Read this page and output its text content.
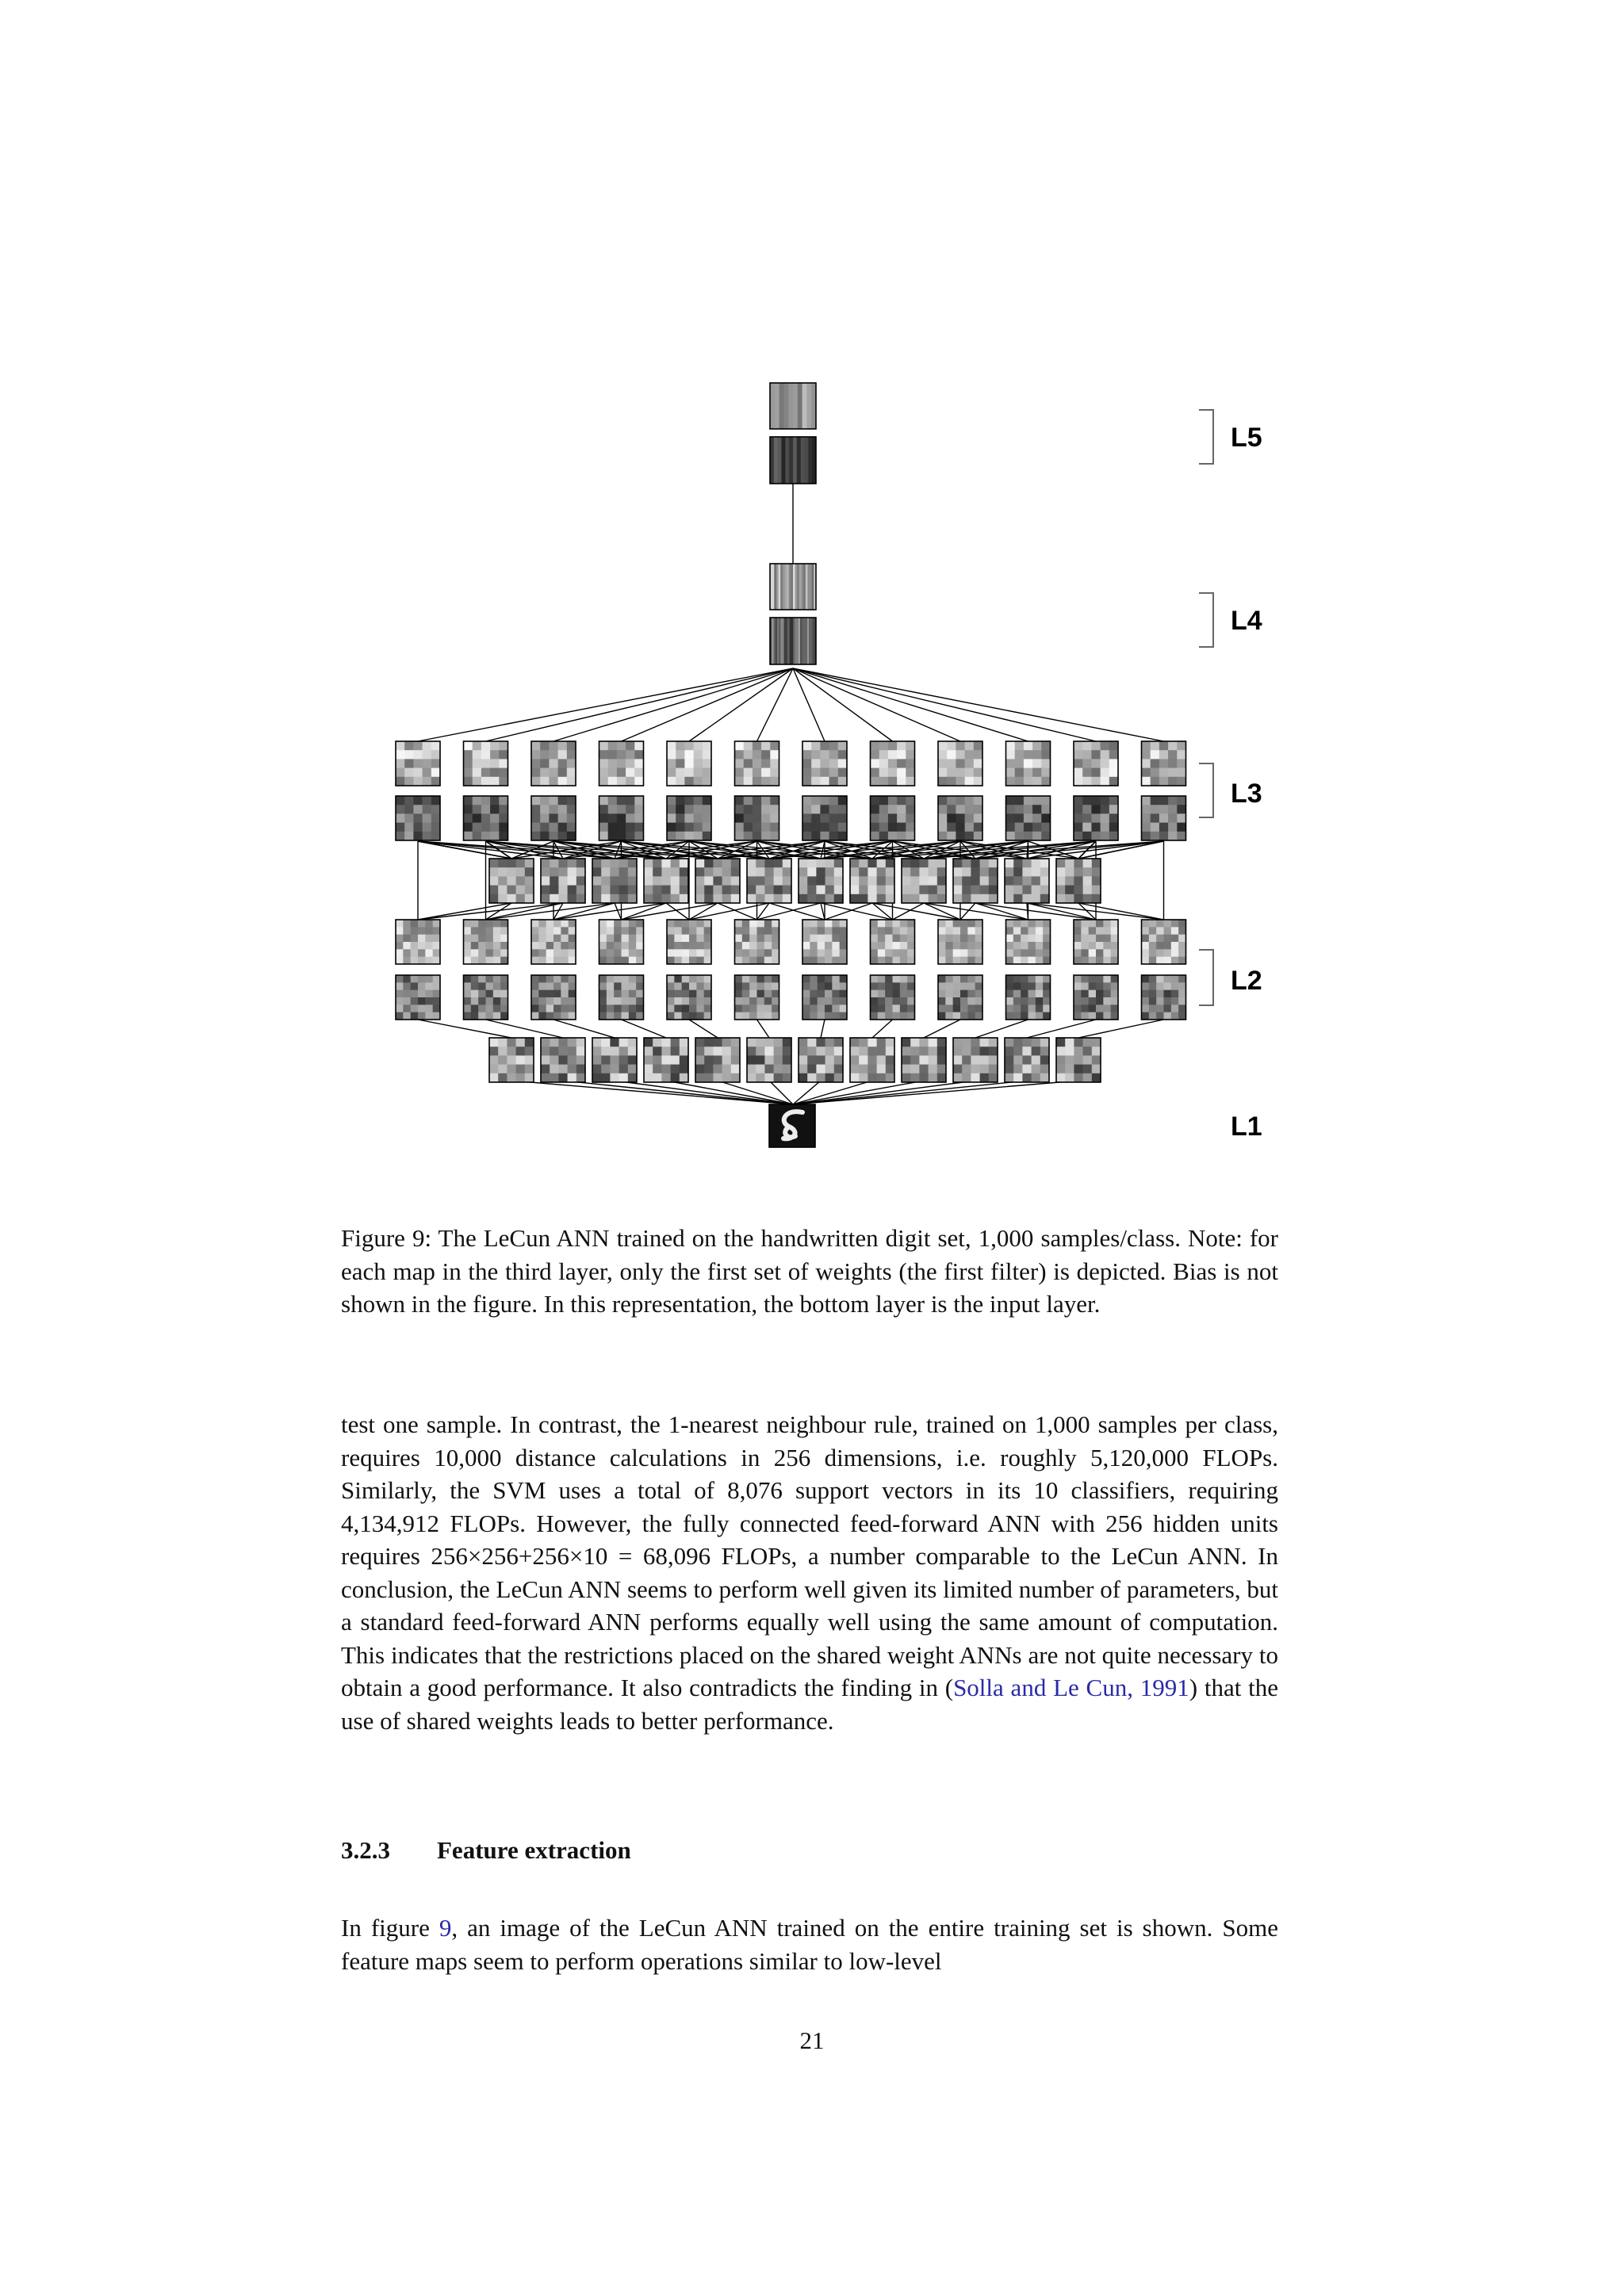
L5
L4
L3
L2
L1

Figure 9: The LeCun ANN trained on the handwritten digit set, 1,000 samples/class. Note: for each map in the third layer, only the first set of weights (the first filter) is depicted. Bias is not shown in the figure. In this representation, the bottom layer is the input layer.

test one sample. In contrast, the 1-nearest neighbour rule, trained on 1,000 samples per class, requires 10,000 distance calculations in 256 dimensions, i.e. roughly 5,120,000 FLOPs. Similarly, the SVM uses a total of 8,076 support vectors in its 10 classifiers, requiring 4,134,912 FLOPs. However, the fully connected feed-forward ANN with 256 hidden units requires 256×256+256×10 = 68,096 FLOPs, a number comparable to the LeCun ANN. In conclusion, the LeCun ANN seems to perform well given its limited number of parameters, but a standard feed-forward ANN performs equally well using the same amount of computation. This indicates that the restrictions placed on the shared weight ANNs are not quite necessary to obtain a good performance. It also contradicts the finding in (Solla and Le Cun, 1991) that the use of shared weights leads to better performance.

3.2.3 Feature extraction

In figure 9, an image of the LeCun ANN trained on the entire training set is shown. Some feature maps seem to perform operations similar to low-level

21
